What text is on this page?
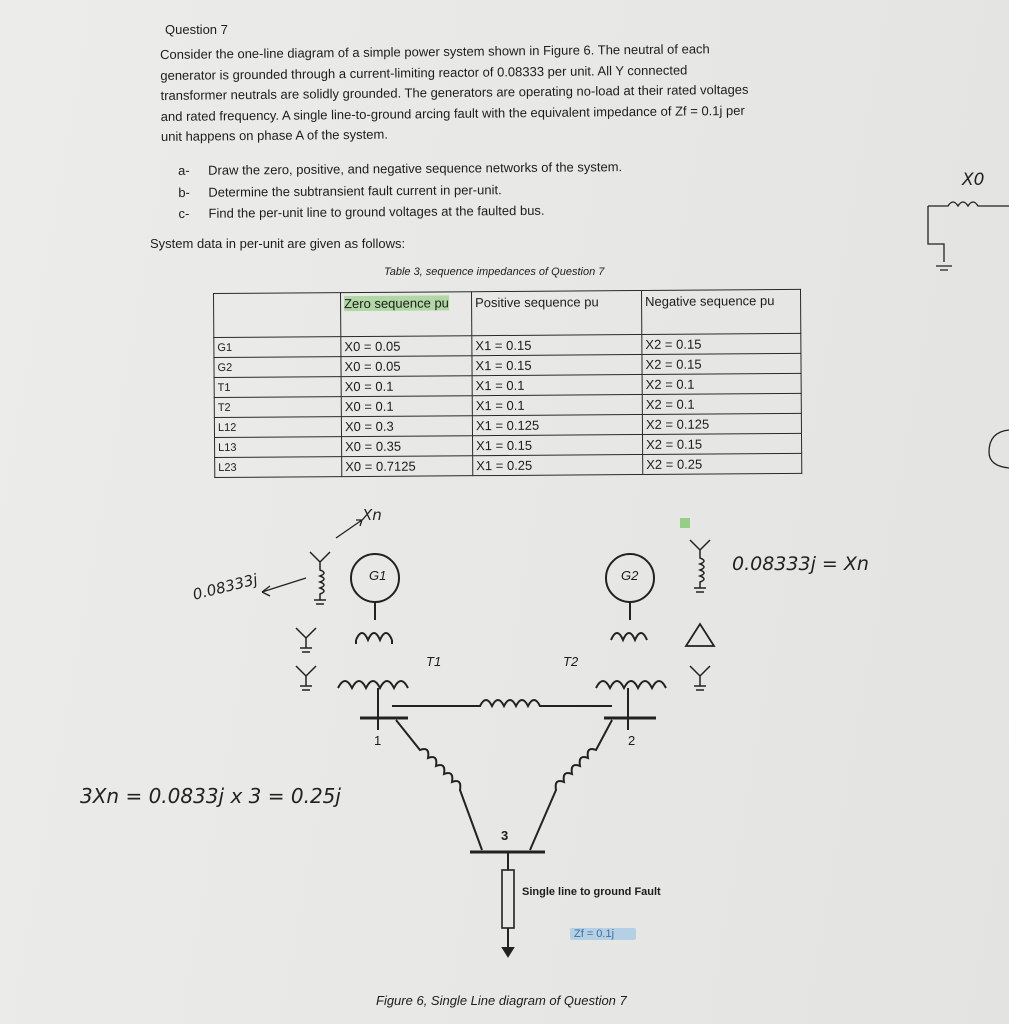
Question 7

Consider the one-line diagram of a simple power system shown in Figure 6. The neutral of each

generator is grounded through a current-limiting reactor of 0.08333 per unit. All Y connected

transformer neutrals are solidly grounded. The generators are operating no-load at their rated voltages

and rated frequency. A single line-to-ground arcing fault with the equivalent impedance of Zf = 0.1j per

unit happens on phase A of the system.

a-	Draw the zero, positive, and negative sequence networks of the system.
b-	Determine the subtransient fault current in per-unit.
c-	Find the per-unit line to ground voltages at the faulted bus.
System data in per-unit are given as follows:
Table 3, sequence impedances of Question 7
	Zero sequence pu	Positive sequence pu	Negative sequence pu
G1	X0 = 0.05	X1 = 0.15	X2 = 0.15
G2	X0 = 0.05	X1 = 0.15	X2 = 0.15
T1	X0 = 0.1	X1 = 0.1	X2 = 0.1
T2	X0 = 0.1	X1 = 0.1	X2 = 0.1
L12	X0 = 0.3	X1 = 0.125	X2 = 0.125
L13	X0 = 0.35	X1 = 0.15	X2 = 0.15
L23	X0 = 0.7125	X1 = 0.25	X2 = 0.25
G1	G2
T1	T2
1	2
3
Single line to ground Fault
Zf = 0.1j
Figure 6, Single Line diagram of Question 7
Xn
0.08333j
0.08333j = Xn
3Xn = 0.0833j x 3 = 0.25j
X0
